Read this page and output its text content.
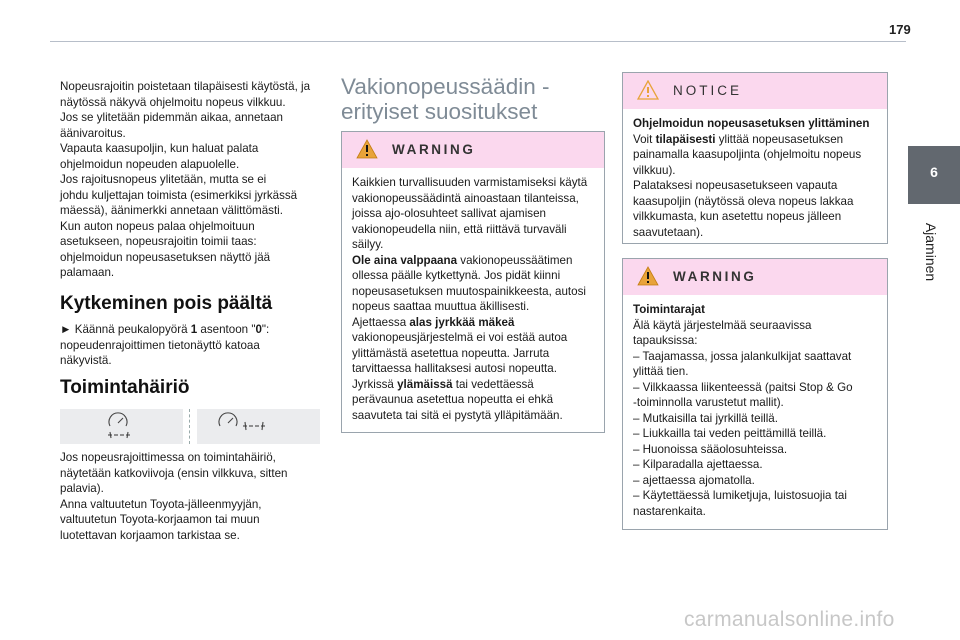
179
6
Ajaminen

Nopeusrajoitin poistetaan tilapäisesti käytöstä, ja

näytössä näkyvä ohjelmoitu nopeus vilkkuu.

Jos se ylitetään pidemmän aikaa, annetaan

äänivaroitus.

Vapauta kaasupoljin, kun haluat palata

ohjelmoidun nopeuden alapuolelle.

Jos rajoitusnopeus ylitetään, mutta se ei

johdu kuljettajan toimista (esimerkiksi jyrkässä

mäessä), äänimerkki annetaan välittömästi.

Kun auton nopeus palaa ohjelmoituun

asetukseen, nopeusrajoitin toimii taas:

ohjelmoidun nopeusasetuksen näyttö jää

palamaan.

Kytkeminen pois päältä

► Käännä peukalopyörä 1 asentoon "0":

nopeudenrajoittimen tietonäyttö katoaa

näkyvistä.

Toimintahäiriö

Jos nopeusrajoittimessa on toimintahäiriö,

näytetään katkoviivoja (ensin vilkkuva, sitten

palavia).

Anna valtuutetun Toyota-jälleenmyyjän,

valtuutetun Toyota-korjaamon tai muun

luotettavan korjaamon tarkistaa se.

Vakionopeussäädin -

erityiset suositukset

WARNING

Kaikkien turvallisuuden varmistamiseksi käytä

vakionopeussäädintä ainoastaan tilanteissa,

joissa ajo-olosuhteet sallivat ajamisen

vakionopeudella niin, että riittävä turvaväli

säilyy.

Ole aina valppaana vakionopeussäätimen

ollessa päälle kytkettynä. Jos pidät kiinni

nopeusasetuksen muutospainikkeesta, autosi

nopeus saattaa muuttua äkillisesti.

Ajettaessa alas jyrkkää mäkeä

vakionopeusjärjestelmä ei voi estää autoa

ylittämästä asetettua nopeutta. Jarruta

tarvittaessa hallitaksesi autosi nopeutta.

Jyrkissä ylämäissä tai vedettäessä

perävaunua asetettua nopeutta ei ehkä

saavuteta tai sitä ei pystytä ylläpitämään.

NOTICE

Ohjelmoidun nopeusasetuksen ylittäminen

Voit tilapäisesti ylittää nopeusasetuksen

painamalla kaasupoljinta (ohjelmoitu nopeus

vilkkuu).

Palataksesi nopeusasetukseen vapauta

kaasupoljin (näytössä oleva nopeus lakkaa

vilkkumasta, kun asetettu nopeus jälleen

saavutetaan).

WARNING

Toimintarajat

Älä käytä järjestelmää seuraavissa

tapauksissa:

– Taajamassa, jossa jalankulkijat saattavat

ylittää tien.

– Vilkkaassa liikenteessä (paitsi Stop & Go

-toiminnolla varustetut mallit).

– Mutkaisilla tai jyrkillä teillä.

– Liukkailla tai veden peittämillä teillä.

– Huonoissa sääolosuhteissa.

– Kilparadalla ajettaessa.

– ajettaessa ajomatolla.

– Käytettäessä lumiketjuja, luistosuojia tai

nastarenkaita.

carmanualsonline.info
